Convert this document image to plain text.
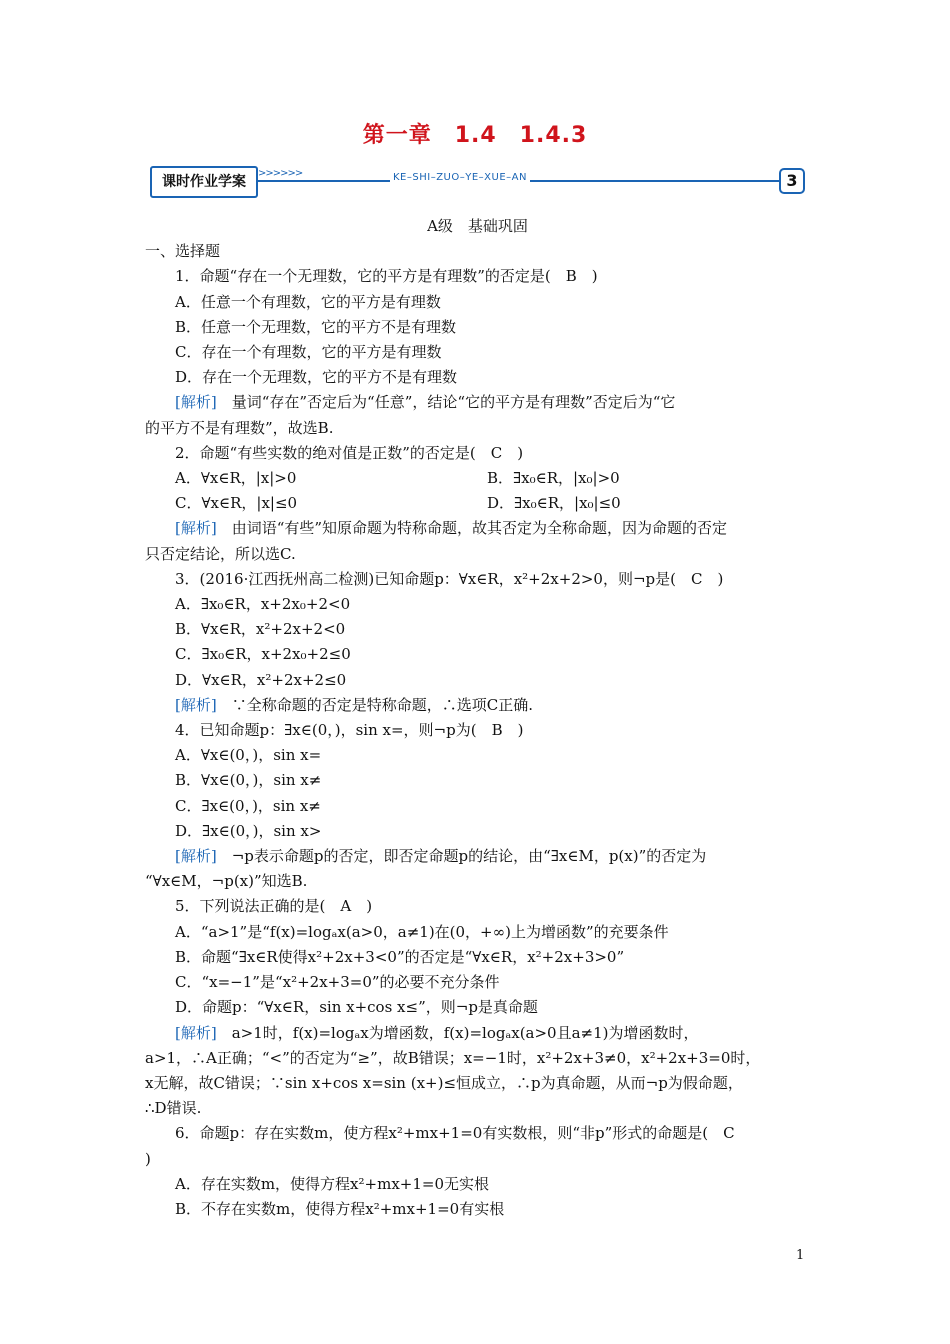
第一章　1.4　1.4.3
课时作业学案
>>>>>>	KE–SHI–ZUO–YE–XUE–AN	3
A级　基础巩固
一、选择题
1．命题“存在一个无理数，它的平方是有理数”的否定是(　B　)
A．任意一个有理数，它的平方是有理数
B．任意一个无理数，它的平方不是有理数
C．存在一个有理数，它的平方是有理数
D．存在一个无理数，它的平方不是有理数
[解析]　量词“存在”否定后为“任意”，结论“它的平方是有理数”否定后为“它
的平方不是有理数”，故选B.
2．命题“有些实数的绝对值是正数”的否定是(　C　)
A．∀x∈R，|x|>0	B．∃x₀∈R，|x₀|>0
C．∀x∈R，|x|≤0	D．∃x₀∈R，|x₀|≤0
[解析]　由词语“有些”知原命题为特称命题，故其否定为全称命题，因为命题的否定
只否定结论，所以选C.
3．(2016·江西抚州高二检测)已知命题p：∀x∈R，x²+2x+2>0，则¬p是(　C　)
A．∃x₀∈R，x+2x₀+2<0
B．∀x∈R，x²+2x+2<0
C．∃x₀∈R，x+2x₀+2≤0
D．∀x∈R，x²+2x+2≤0
[解析]　∵全称命题的否定是特称命题，∴选项C正确.
4．已知命题p：∃x∈(0，)，sin x=，则¬p为(　B　)
A．∀x∈(0，)，sin x=
B．∀x∈(0，)，sin x≠
C．∃x∈(0，)，sin x≠
D．∃x∈(0，)，sin x>
[解析]　¬p表示命题p的否定，即否定命题p的结论，由“∃x∈M，p(x)”的否定为
“∀x∈M，¬p(x)”知选B.
5．下列说法正确的是(　A　)
A．“a>1”是“f(x)=logₐx(a>0，a≠1)在(0，+∞)上为增函数”的充要条件
B．命题“∃x∈R使得x²+2x+3<0”的否定是“∀x∈R，x²+2x+3>0”
C．“x=−1”是“x²+2x+3=0”的必要不充分条件
D．命题p：“∀x∈R，sin x+cos x≤”，则¬p是真命题
[解析]　a>1时，f(x)=logₐx为增函数，f(x)=logₐx(a>0且a≠1)为增函数时，
a>1，∴A正确；“<”的否定为“≥”，故B错误；x=−1时，x²+2x+3≠0，x²+2x+3=0时，
x无解，故C错误；∵sin x+cos x=sin (x+)≤恒成立，∴p为真命题，从而¬p为假命题，
∴D错误.
6．命题p：存在实数m，使方程x²+mx+1=0有实数根，则“非p”形式的命题是(　C
)
A．存在实数m，使得方程x²+mx+1=0无实根
B．不存在实数m，使得方程x²+mx+1=0有实根
1
